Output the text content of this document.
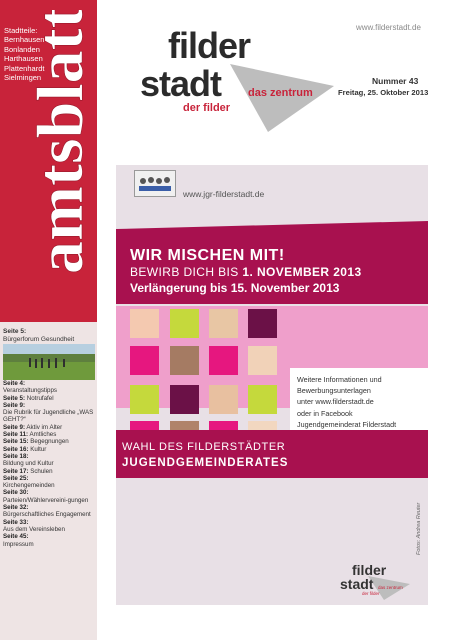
Stadtteile:
Bernhausen
Bonlanden
Harthausen
Plattenhardt
Sielmingen
amtsblatt
Seite 5:
Bürgerforum Gesundheit
Seite 4:
Veranstaltungstipps
Seite 5: Notrufafel
Seite 9:
Die Rubrik für Jugendliche „WAS GEHT?“
Seite 9: Aktiv im Alter
Seite 11: Amtliches
Seite 15: Begegnungen
Seite 16: Kultur
Seite 18:
Bildung und Kultur
Seite 17: Schulen
Seite 25:
Kirchengemeinden
Seite 30:
Parteien/Wählervereini-gungen
Seite 32:
Bürgerschaftliches Engagement
Seite 33:
Aus dem Vereinsleben
Seite 45:
Impressum
www.filderstadt.de
filder
stadt das zentrum
der filder
Nummer 43
Freitag, 25. Oktober 2013
www.jgr-filderstadt.de
WIR MISCHEN MIT!
BEWIRB DICH BIS 1. NOVEMBER 2013
Verlängerung bis 15. November 2013
Weitere Informationen und
Bewerbungsunterlagen
unter www.filderstadt.de
oder in Facebook
Jugendgemeinderat Filderstadt
WAHL DES FILDERSTÄDTER
JUGENDGEMEINDERATES
filder
stadt das zentrum
der filder
Fotos: Andrea Reuter
